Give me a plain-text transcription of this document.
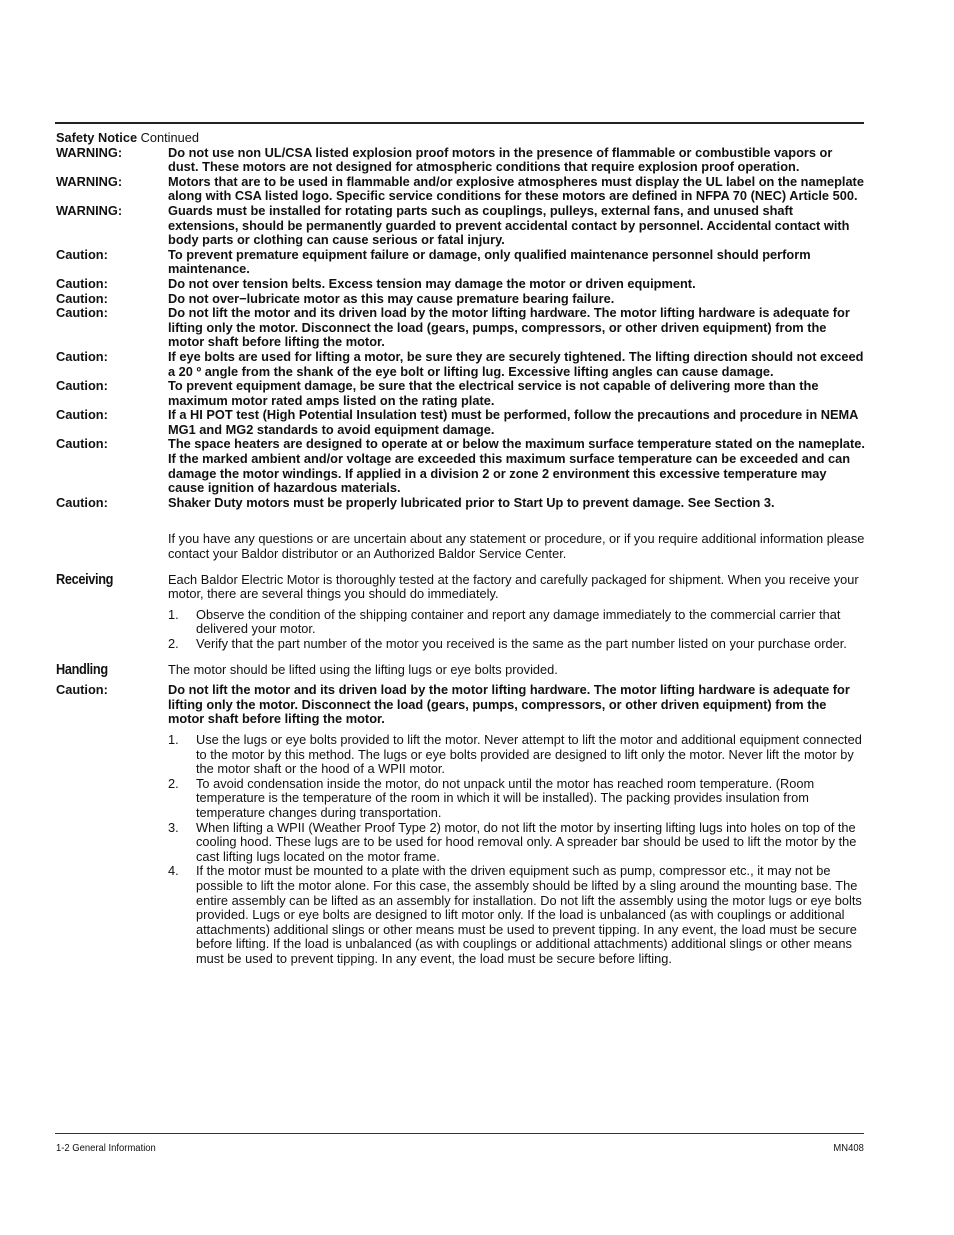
Safety Notice Continued

WARNING:	Do not use non UL/CSA listed explosion proof motors in the presence of flammable or combustible vapors or dust. These motors are not designed for atmospheric conditions that require explosion proof operation.
WARNING:	Motors that are to be used in flammable and/or explosive atmospheres must display the UL label on the nameplate along with CSA listed logo. Specific service conditions for these motors are defined in NFPA 70 (NEC) Article 500.
WARNING:	Guards must be installed for rotating parts such as couplings, pulleys, external fans, and unused shaft extensions, should be permanently guarded to prevent accidental contact by personnel. Accidental contact with body parts or clothing can cause serious or fatal injury.
Caution:	To prevent premature equipment failure or damage, only qualified maintenance personnel should perform maintenance.
Caution:	Do not over tension belts. Excess tension may damage the motor or driven equipment.
Caution:	Do not over−lubricate motor as this may cause premature bearing failure.
Caution:	Do not lift the motor and its driven load by the motor lifting hardware. The motor lifting hardware is adequate for lifting only the motor. Disconnect the load (gears, pumps, compressors, or other driven equipment) from the motor shaft before lifting the motor.
Caution:	If eye bolts are used for lifting a motor, be sure they are securely tightened. The lifting direction should not exceed a 20 º angle from the shank of the eye bolt or lifting lug. Excessive lifting angles can cause damage.
Caution:	To prevent equipment damage, be sure that the electrical service is not capable of delivering more than the maximum motor rated amps listed on the rating plate.
Caution:	If a HI POT test (High Potential Insulation test) must be performed, follow the precautions and procedure in NEMA MG1 and MG2 standards to avoid equipment damage.
Caution:	The space heaters are designed to operate at or below the maximum surface temperature stated on the nameplate. If the marked ambient and/or voltage are exceeded this maximum surface temperature can be exceeded and can damage the motor windings. If applied in a division 2 or zone 2 environment this excessive temperature may cause ignition of hazardous materials.
Caution:	Shaker Duty motors must be properly lubricated prior to Start Up to prevent damage. See Section 3.
If you have any questions or are uncertain about any statement or procedure, or if you require additional information please contact your Baldor distributor or an Authorized Baldor Service Center.
Receiving	Each Baldor Electric Motor is thoroughly tested at the factory and carefully packaged for shipment. When you receive your motor, there are several things you should do immediately.
1.	Observe the condition of the shipping container and report any damage immediately to the commercial carrier that delivered your motor.
2.	Verify that the part number of the motor you received is the same as the part number listed on your purchase order.
Handling	The motor should be lifted using the lifting lugs or eye bolts provided.
Caution:	Do not lift the motor and its driven load by the motor lifting hardware. The motor lifting hardware is adequate for lifting only the motor. Disconnect the load (gears, pumps, compressors, or other driven equipment) from the motor shaft before lifting the motor.
1.	Use the lugs or eye bolts provided to lift the motor. Never attempt to lift the motor and additional equipment connected to the motor by this method. The lugs or eye bolts provided are designed to lift only the motor. Never lift the motor by the motor shaft or the hood of a WPII motor.
2.	To avoid condensation inside the motor, do not unpack until the motor has reached room temperature. (Room temperature is the temperature of the room in which it will be installed). The packing provides insulation from temperature changes during transportation.
3.	When lifting a WPII (Weather Proof Type 2) motor, do not lift the motor by inserting lifting lugs into holes on top of the cooling hood. These lugs are to be used for hood removal only. A spreader bar should be used to lift the motor by the cast lifting lugs located on the motor frame.
4.	If the motor must be mounted to a plate with the driven equipment such as pump, compressor etc., it may not be possible to lift the motor alone. For this case, the assembly should be lifted by a sling around the mounting base. The entire assembly can be lifted as an assembly for installation. Do not lift the assembly using the motor lugs or eye bolts provided. Lugs or eye bolts are designed to lift motor only. If the load is unbalanced (as with couplings or additional attachments) additional slings or other means must be used to prevent tipping. In any event, the load must be secure before lifting. If the load is unbalanced (as with couplings or additional attachments) additional slings or other means must be used to prevent tipping. In any event, the load must be secure before lifting.
1-2 General Information	MN408
